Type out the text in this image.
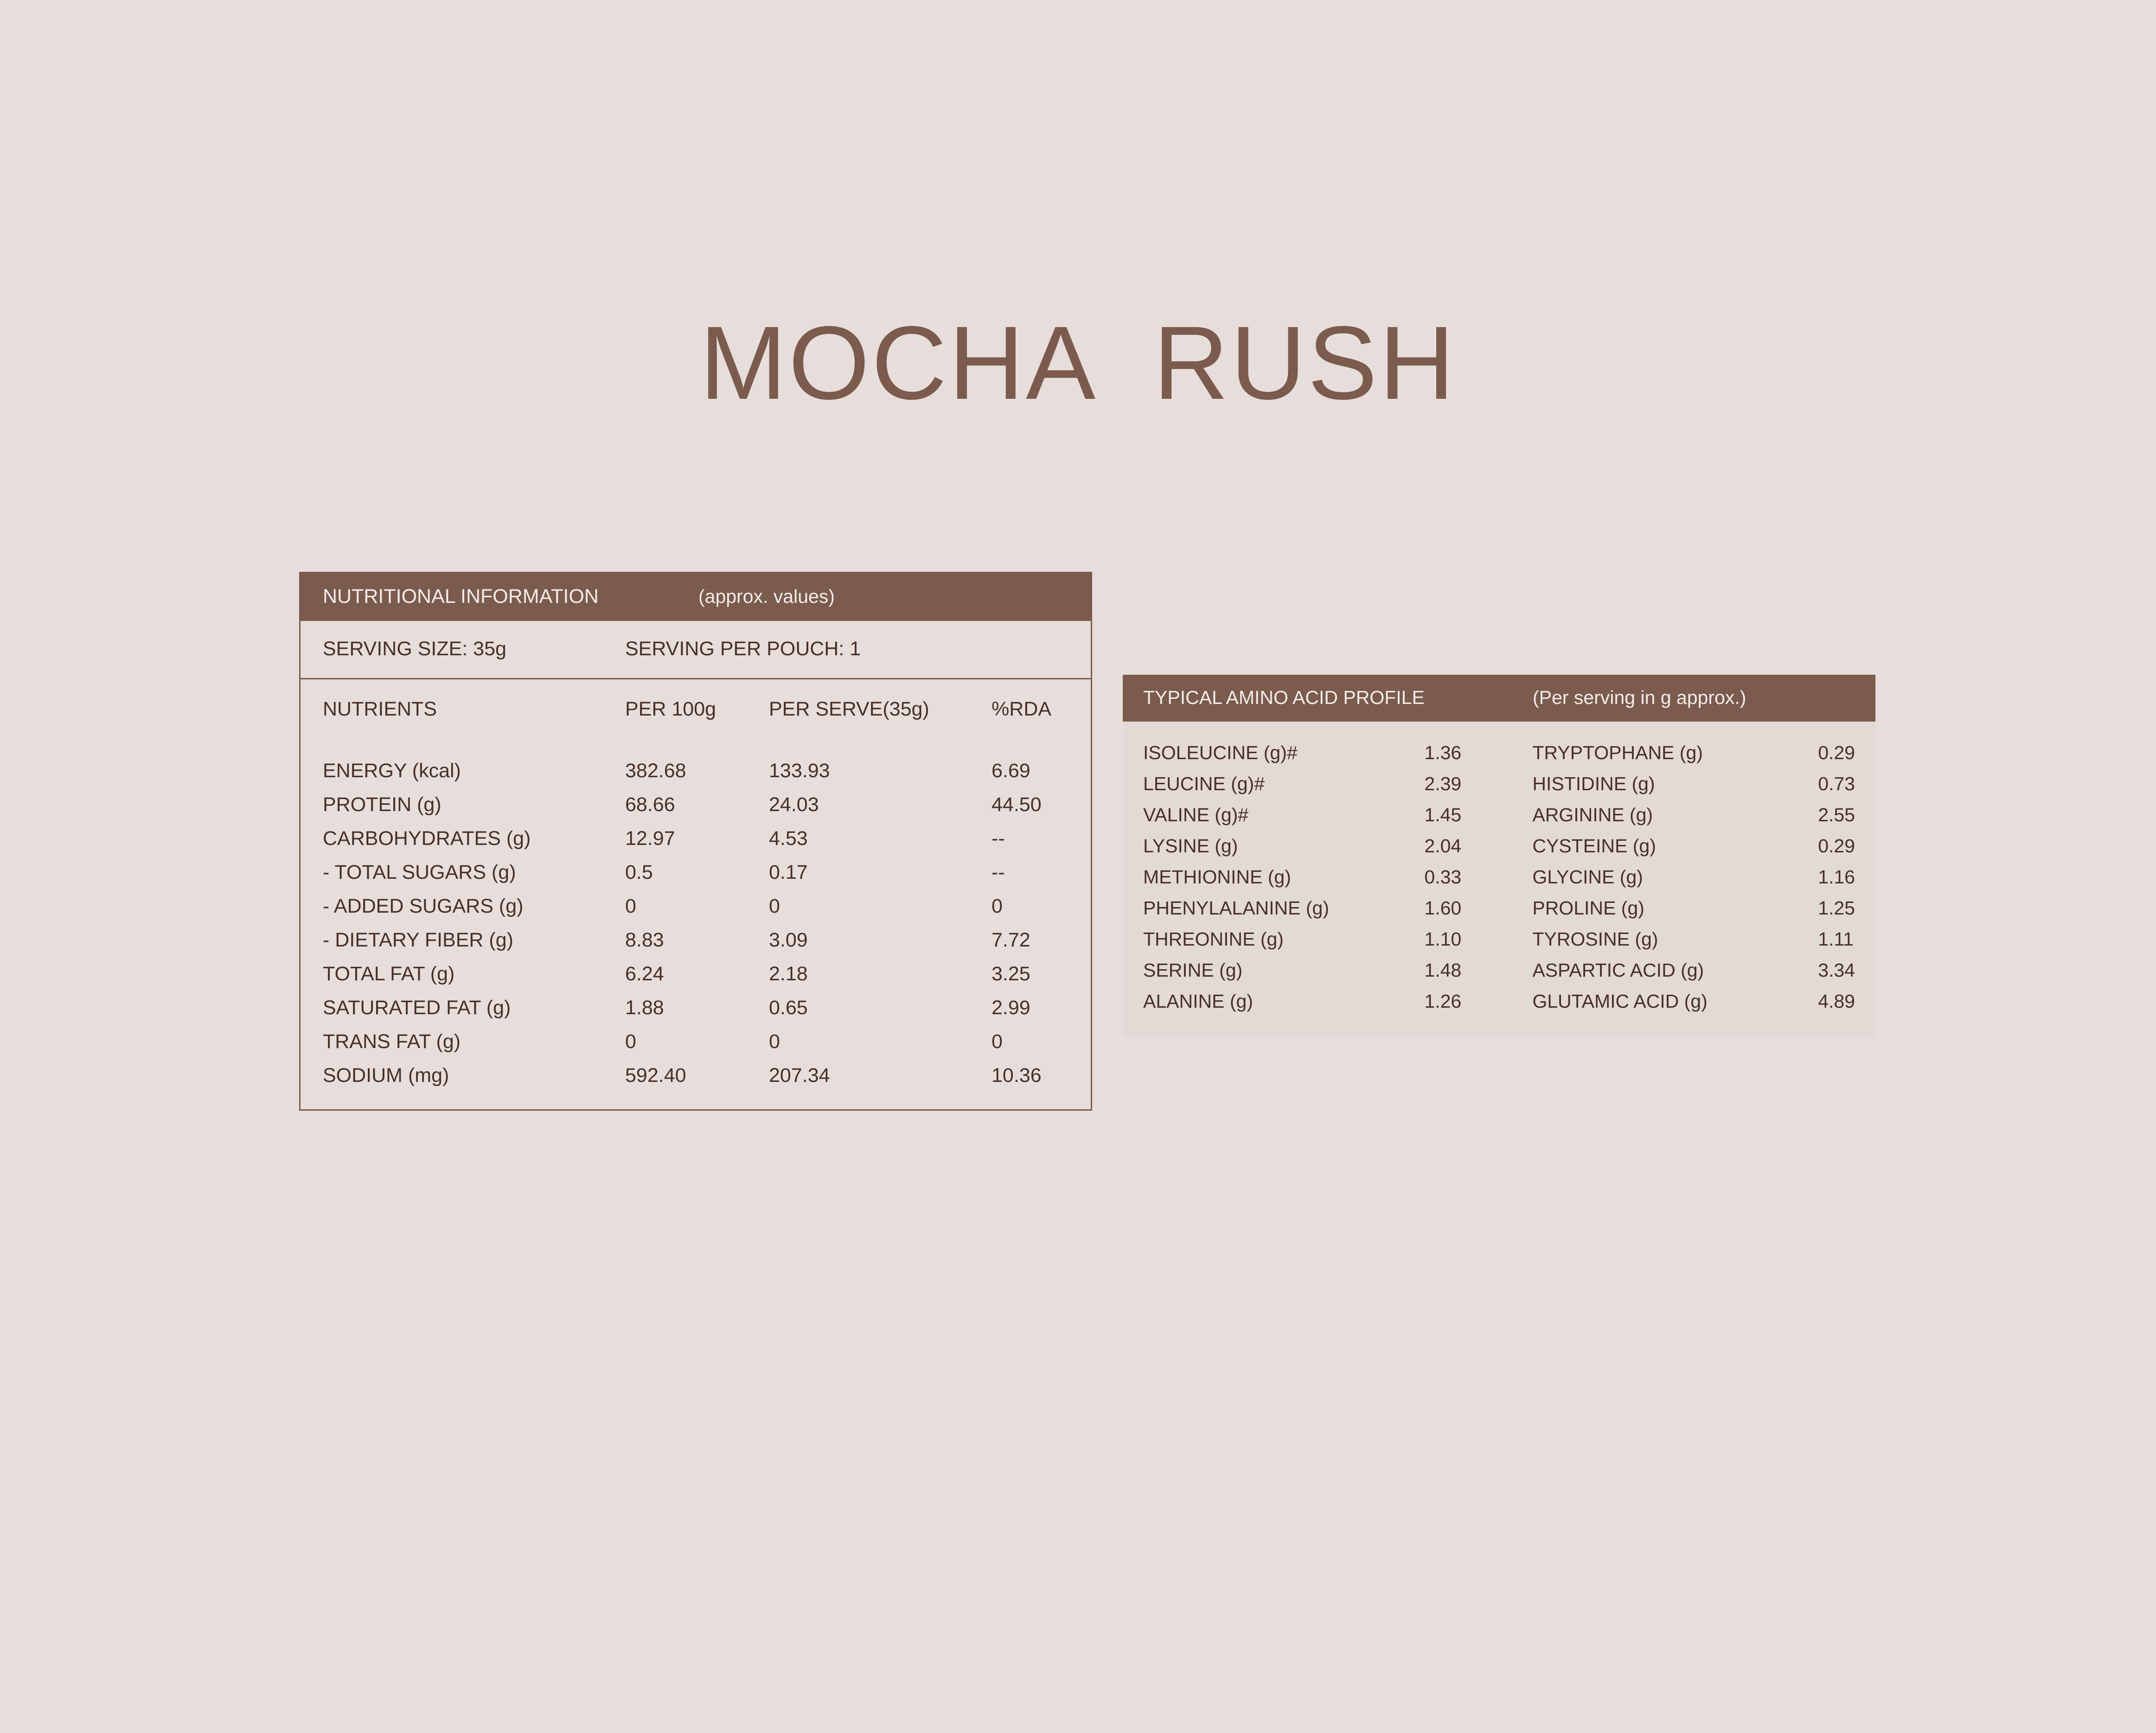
MOCHA  RUSH
NUTRITIONAL INFORMATION	(approx. values)
SERVING SIZE: 35g	SERVING PER POUCH: 1
NUTRIENTS	PER 100g	PER SERVE(35g)	%RDA
ENERGY (kcal)	382.68	133.93	6.69
PROTEIN (g)	68.66	24.03	44.50
CARBOHYDRATES (g)	12.97	4.53	--
- TOTAL SUGARS (g)	0.5	0.17	--
- ADDED SUGARS (g)	0	0	0
- DIETARY FIBER (g)	8.83	3.09	7.72
TOTAL FAT (g)	6.24	2.18	3.25
SATURATED FAT (g)	1.88	0.65	2.99
TRANS FAT (g)	0	0	0
SODIUM (mg)	592.40	207.34	10.36
TYPICAL AMINO ACID PROFILE	(Per serving in g approx.)
ISOLEUCINE (g)#	1.36	TRYPTOPHANE (g)	0.29
LEUCINE (g)#	2.39	HISTIDINE (g)	0.73
VALINE (g)#	1.45	ARGININE (g)	2.55
LYSINE (g)	2.04	CYSTEINE (g)	0.29
METHIONINE (g)	0.33	GLYCINE (g)	1.16
PHENYLALANINE (g)	1.60	PROLINE (g)	1.25
THREONINE (g)	1.10	TYROSINE (g)	1.11
SERINE (g)	1.48	ASPARTIC ACID (g)	3.34
ALANINE (g)	1.26	GLUTAMIC ACID (g)	4.89
